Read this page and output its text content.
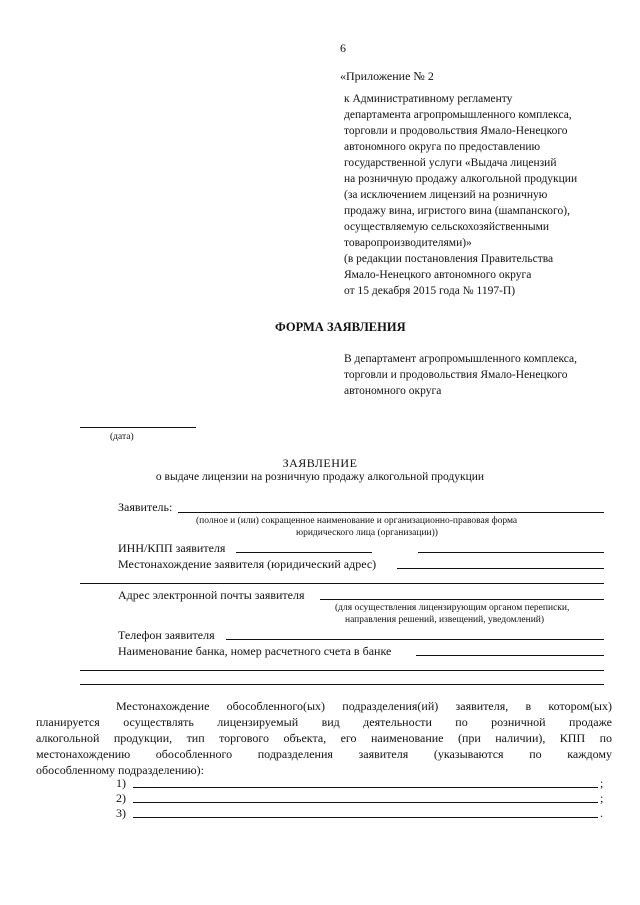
6
«Приложение № 2
к Административному регламенту
департамента агропромышленного комплекса,
торговли и продовольствия Ямало-Ненецкого
автономного округа по предоставлению
государственной услуги «Выдача лицензий
на розничную продажу алкогольной продукции
(за исключением лицензий на розничную
продажу вина, игристого вина (шампанского),
осуществляемую сельскохозяйственными
товаропроизводителями)»
(в редакции постановления Правительства
Ямало-Ненецкого автономного округа
от 15 декабря 2015 года № 1197-П)
ФОРМА ЗАЯВЛЕНИЯ
В департамент агропромышленного комплекса,
торговли и продовольствия Ямало-Ненецкого
автономного округа
(дата)
ЗАЯВЛЕНИЕ
о выдаче лицензии на розничную продажу алкогольной продукции
Заявитель:
(полное и (или) сокращенное наименование и организационно-правовая форма
юридического лица (организации))
ИНН/КПП заявителя
Местонахождение заявителя (юридический адрес)
Адрес электронной почты заявителя
(для осуществления лицензирующим органом переписки,
направления решений, извещений, уведомлений)
Телефон заявителя
Наименование банка, номер расчетного счета в банке
Местонахождение обособленного(ых) подразделения(ий) заявителя, в котором(ых)
планируется осуществлять лицензируемый вид деятельности по розничной продаже
алкогольной продукции, тип торгового объекта, его наименование (при наличии), КПП по
местонахождению обособленного подразделения заявителя (указываются по каждому
обособленному подразделению):
1)	;
2)	;
3)	.
